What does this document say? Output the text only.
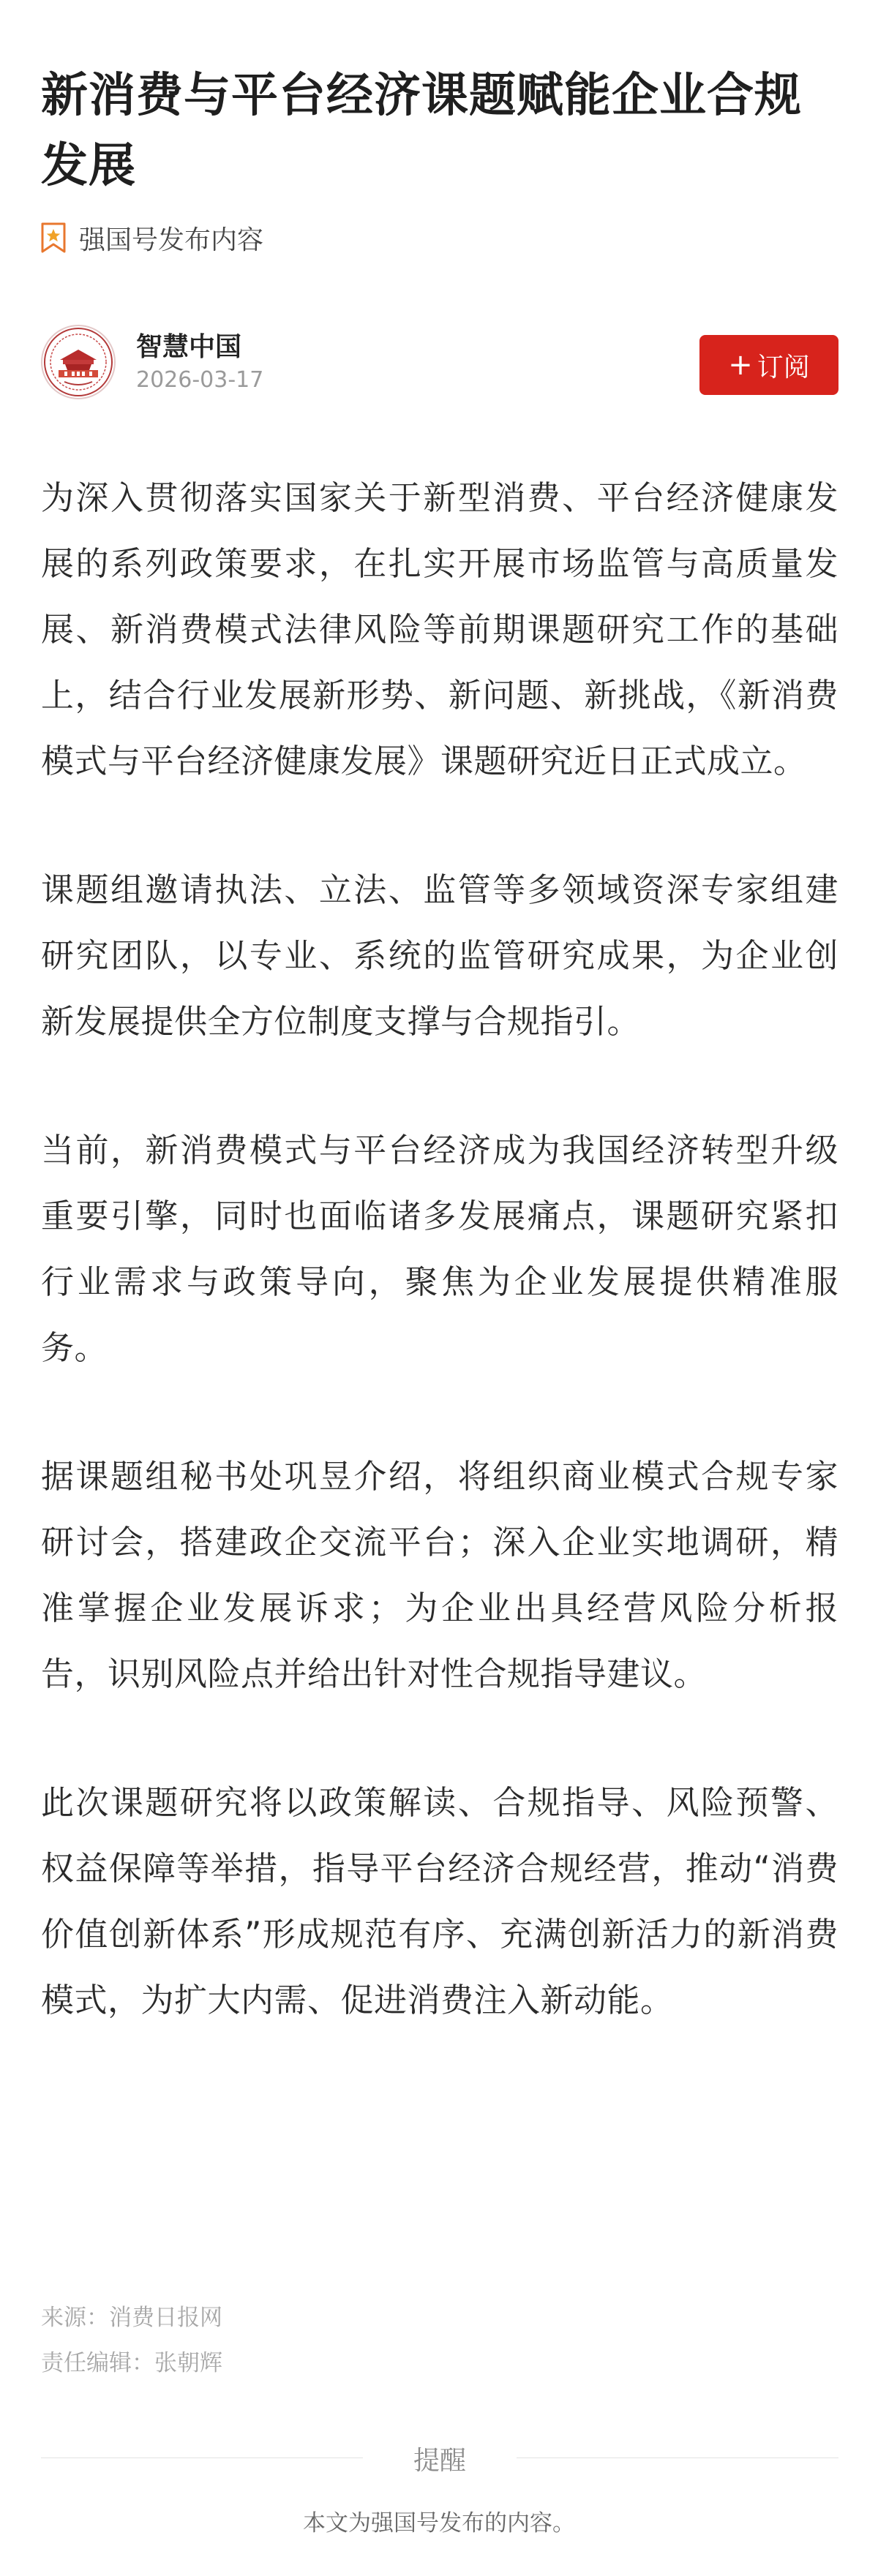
新消费与平台经济课题赋能企业合规发展
强国号发布内容
智慧中国
2026-03-17	+ 订阅

为深入贯彻落实国家关于新型消费、平台经济健康发展的系列政策要求，在扎实开展市场监管与高质量发展、新消费模式法律风险等前期课题研究工作的基础上，结合行业发展新形势、新问题、新挑战，《新消费模式与平台经济健康发展》课题研究近日正式成立。

课题组邀请执法、立法、监管等多领域资深专家组建研究团队，以专业、系统的监管研究成果，为企业创新发展提供全方位制度支撑与合规指引。

当前，新消费模式与平台经济成为我国经济转型升级重要引擎，同时也面临诸多发展痛点，课题研究紧扣行业需求与政策导向，聚焦为企业发展提供精准服务。

据课题组秘书处巩昱介绍，将组织商业模式合规专家研讨会，搭建政企交流平台；深入企业实地调研，精准掌握企业发展诉求；为企业出具经营风险分析报告，识别风险点并给出针对性合规指导建议。

此次课题研究将以政策解读、合规指导、风险预警、权益保障等举措，指导平台经济合规经营，推动“消费价值创新体系”形成规范有序、充满创新活力的新消费模式，为扩大内需、促进消费注入新动能。

来源：消费日报网
责任编辑：张朝辉
提醒
本文为强国号发布的内容。
